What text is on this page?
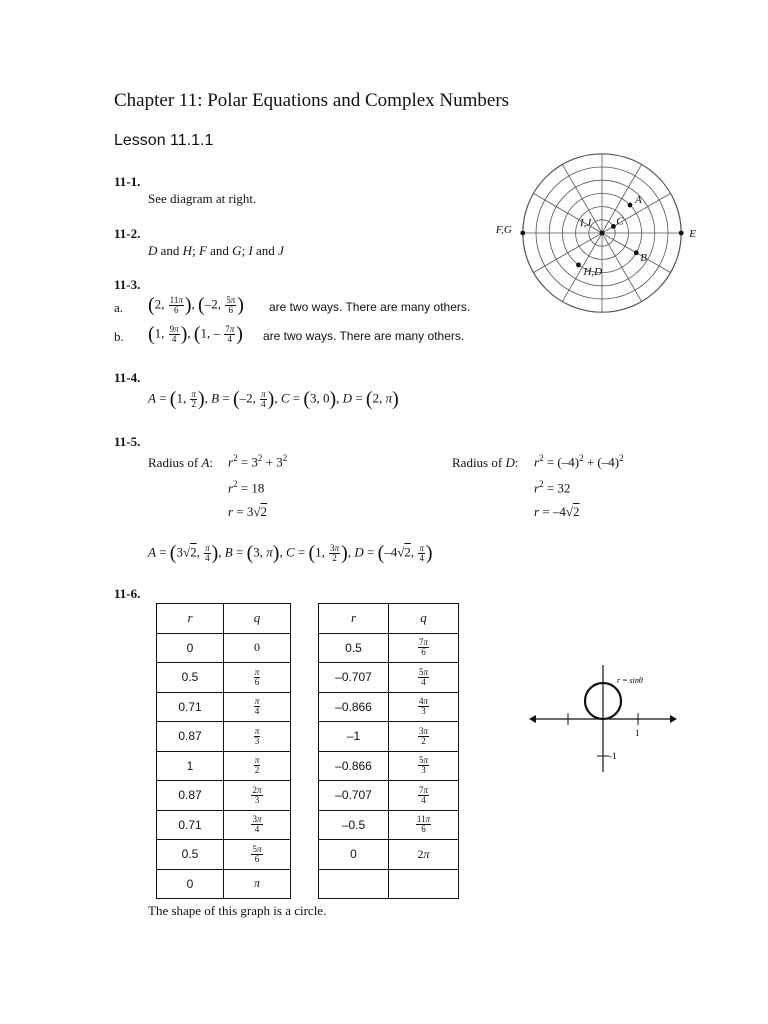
Chapter 11: Polar Equations and Complex Numbers
Lesson 11.1.1
11-1.
See diagram at right.
11-2.
D and H; F and G; I and J
11-3.
a. (2, $\frac{11\pi}{6}$ ), (–2, $\frac{5\pi}{6}$ ) are two ways. There are many others.
b. (1, $\frac{9\pi}{4}$ ), (1, – $\frac{7\pi}{4}$ ) are two ways. There are many others.
11-4.
A = (1, $\frac{\pi}{2}$ ), B = (–2, $\frac{\pi}{4}$ ), C = (3, 0), D = (2, π)
11-5.
Radius of A: $r^2 = 3^2 + 3^2$
$r^2 = 18$
r = 3√2
Radius of D: $r^2 = (-4)^2 + (-4)^2$
$r^2 = 32$
r = –4√2
A = (3√2, $\frac{\pi}{4}$ ), B = (3, π), C = (1, $\frac{3\pi}{2}$ ), D = (–4√2, $\frac{\pi}{4}$ )
11-6.
r	q
0	0
0.5	$\frac{\pi}{6}$

0.71	$\frac{\pi}{4}$

0.87	$\frac{\pi}{3}$

1	$\frac{\pi}{2}$

0.87	$\frac{2\pi}{3}$

0.71	$\frac{3\pi}{4}$

0.5	$\frac{5\pi}{6}$

0	π
r	q
0.5	$\frac{7\pi}{6}$

–0.707	$\frac{5\pi}{4}$

–0.866	$\frac{4\pi}{3}$

–1	$\frac{3\pi}{2}$

–0.866	$\frac{5\pi}{3}$

–0.707	$\frac{7\pi}{4}$

–0.5	$\frac{11\pi}{6}$

0	2π

The shape of this graph is a circle.
A
B
C
E
F,G
H,D
I,J
r = sinθ
1
-1
